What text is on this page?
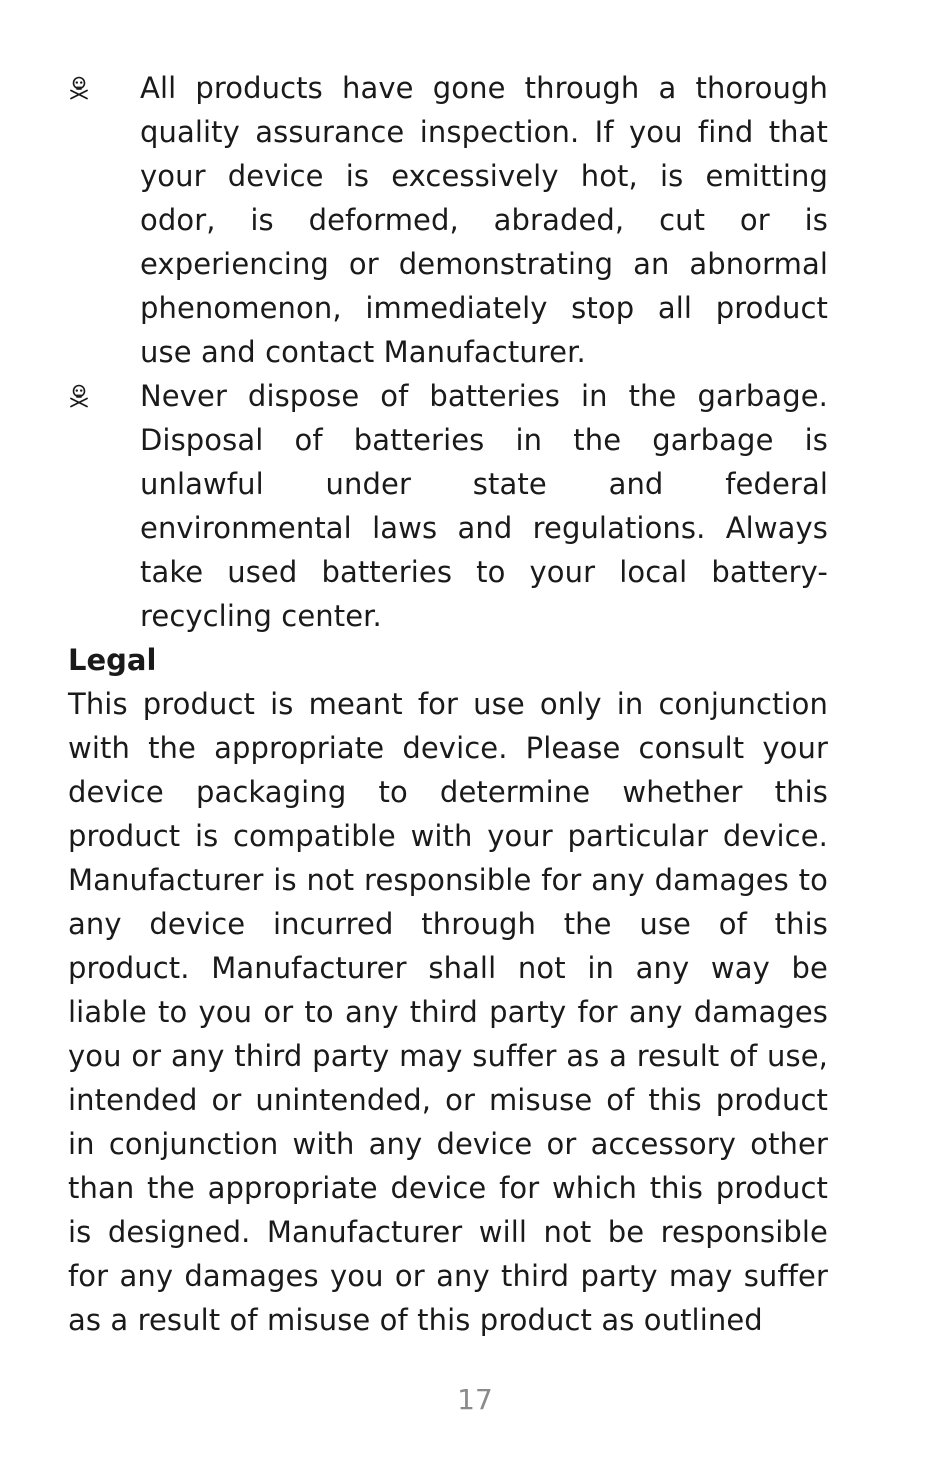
All products have gone through a thorough quality assurance inspection. If you find that your device is excessively hot, is emitting odor, is deformed, abraded, cut or is experiencing or demonstrating an abnormal phenomenon, immediately stop all product use and contact Manufacturer.
Never dispose of batteries in the garbage. Disposal of batteries in the garbage is unlawful under state and federal environmental laws and regulations. Always take used batteries to your local battery-recycling center.
Legal

This product is meant for use only in conjunction with the appropriate device. Please consult your device packaging to determine whether this product is compatible with your particular device. Manufacturer is not responsible for any damages to any device incurred through the use of this product. Manufacturer shall not in any way be liable to you or to any third party for any damages you or any third party may suffer as a result of use, intended or unintended, or misuse of this product in conjunction with any device or accessory other than the appropriate device for which this product is designed. Manufacturer will not be responsible for any damages you or any third party may suffer as a result of misuse of this product as outlined

17
